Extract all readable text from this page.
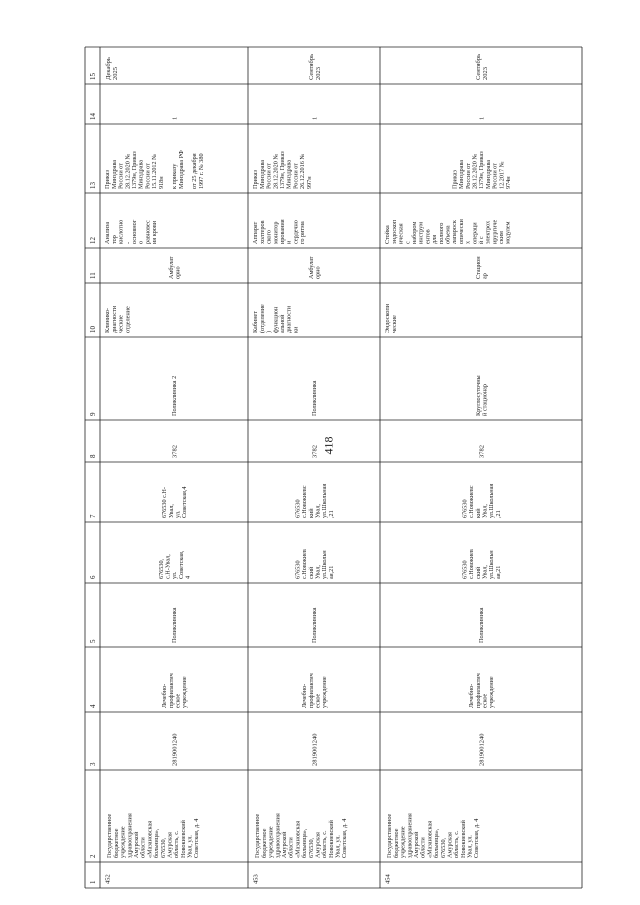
418
1
2
3
4
5
6
7
8
9
10
11
12
13
14
15
452
Государственное бюджетное учреждение здравоохранения Амурской области «Мазановская больница», 676530, Амурская область, с. Новокиевский Увал, ул. Советская, д. 4
2819001240
Лечебно- профилактич еское учреждение
Поликлиника
676530, с.Н-Увал, ул. Советская, 4
676530 с.Н- Увал, ул. Советская,4
3782
Поликлиника 2
Клинико- диагности ческие отделение
Амбулат орно
Анализа тор кислотно - основног о равновес ия крови
Приказ Минздрава России от 28.12.2020 № 1379н, Приказ Минздрава России от 15.11.2012 № 918н к приказу Минздрава РФ от 25 декабря 1997 г. № 380
1
Декабрь 2025
453
Государственное бюджетное учреждение здравоохранения Амурской области «Мазановская больница», 676530, Амурская область, с. Новокиевский Увал, ул. Советская, д. 4
2819001240
Лечебно- профилактич еское учреждение
Поликлиника
676530 с.Новокиев ский Увал, ул.Школьн ая,21
676530 с.Новокиевс кий Увал, ул.Школьная ,21
3782
Поликлиника
Кабинет (отделение ) функцион альной диагности ки
Амбулат орно
Аппарат холтеров ского монитор ирования и сердечно го ритма
Приказ Минздрава России от 28.12.2020 № 1379н, Приказ Минздрава России от 26.12.2016 № 997н
1
Сентябрь 2023
454
Государственное бюджетное учреждение здравоохранения Амурской области «Мазановская больница», 676530, Амурская область, с. Новокиевский Увал, ул. Советская, д. 4
2819001240
Лечебно- профилактич еское учреждение
Поликлиника
676530 с.Новокиев ский Увал, ул.Школьн ая,21
676530 с.Новокиевс кий Увал, ул.Школьная ,21
3782
Круглосуточны й стационар
Эндоскопи ческие
Стацион ар
Стойка эндоскоп ическая с набором инструм ентов для полного объема лапароск опически х операци й с электрох ирургиче ским модулем
Приказ Минздрава России от 28.12.2020 № 1379н, Приказ Минздрава России от 12.2017 № 974н
1
Сентябрь 2023
